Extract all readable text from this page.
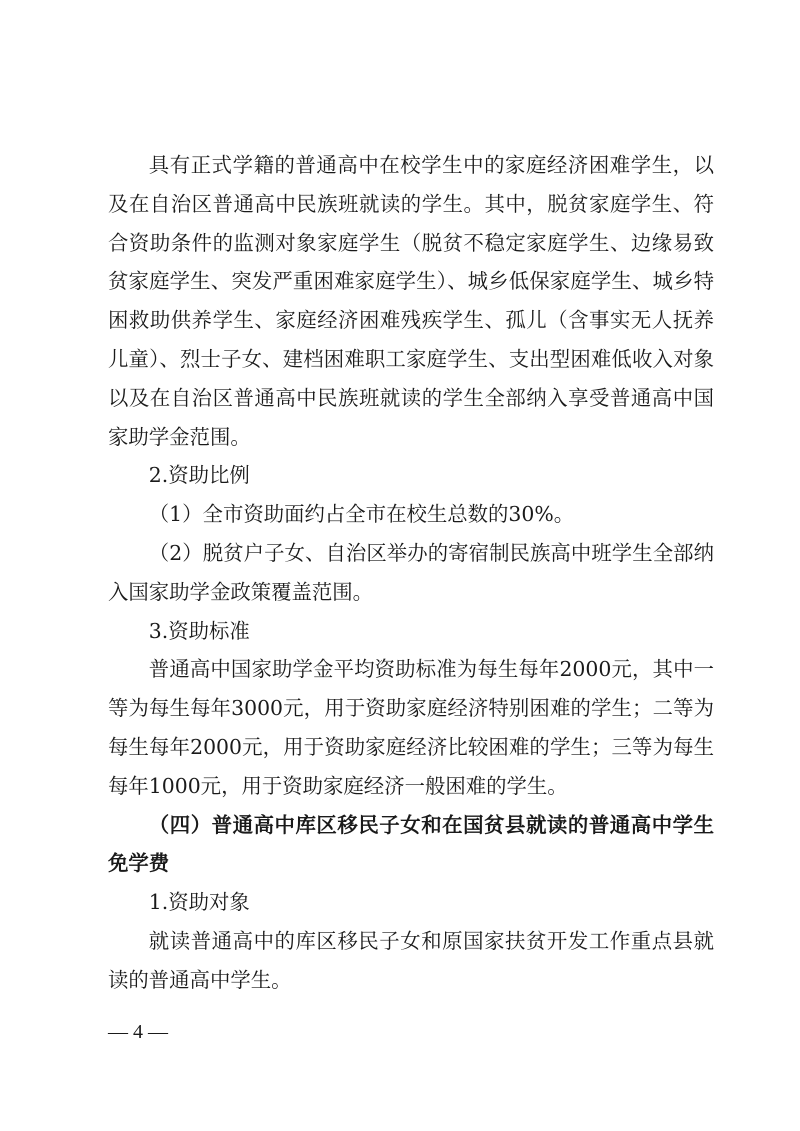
具有正式学籍的普通高中在校学生中的家庭经济困难学生，以及在自治区普通高中民族班就读的学生。其中，脱贫家庭学生、符合资助条件的监测对象家庭学生（脱贫不稳定家庭学生、边缘易致贫家庭学生、突发严重困难家庭学生）、城乡低保家庭学生、城乡特困救助供养学生、家庭经济困难残疾学生、孤儿（含事实无人抚养儿童）、烈士子女、建档困难职工家庭学生、支出型困难低收入对象以及在自治区普通高中民族班就读的学生全部纳入享受普通高中国家助学金范围。

2.资助比例

（1）全市资助面约占全市在校生总数的30%。

（2）脱贫户子女、自治区举办的寄宿制民族高中班学生全部纳入国家助学金政策覆盖范围。

3.资助标准

普通高中国家助学金平均资助标准为每生每年2000元，其中一等为每生每年3000元，用于资助家庭经济特别困难的学生；二等为每生每年2000元，用于资助家庭经济比较困难的学生；三等为每生每年1000元，用于资助家庭经济一般困难的学生。

（四）普通高中库区移民子女和在国贫县就读的普通高中学生免学费

1.资助对象

就读普通高中的库区移民子女和原国家扶贫开发工作重点县就读的普通高中学生。

— 4 —
